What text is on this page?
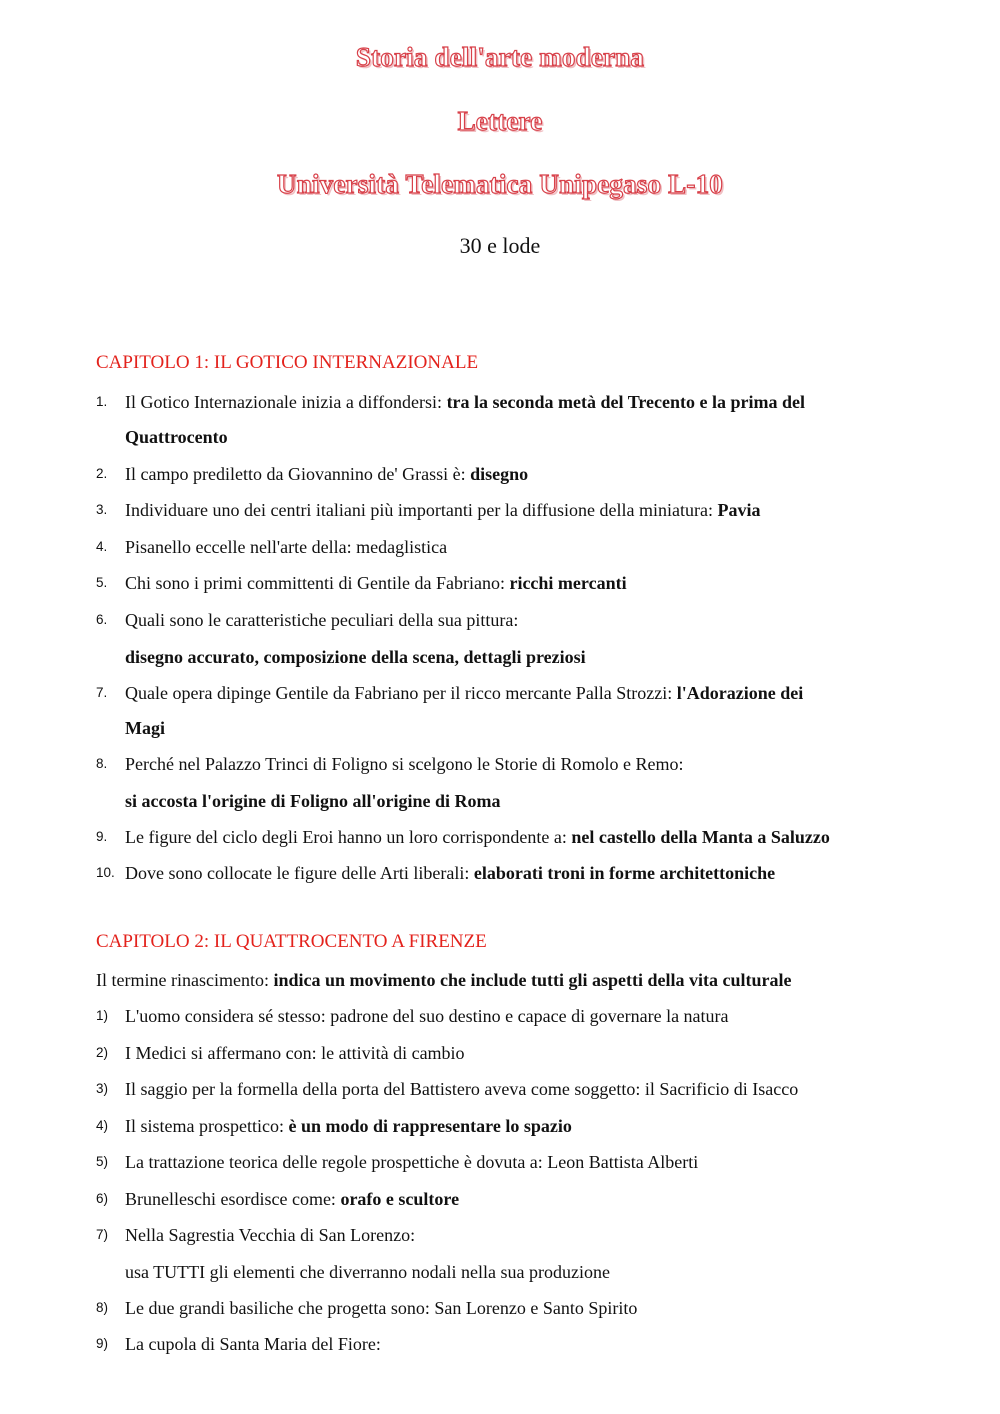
Storia dell'arte moderna
Lettere
Università Telematica Unipegaso L-10
30 e lode
CAPITOLO 1: IL GOTICO INTERNAZIONALE
1. Il Gotico Internazionale inizia a diffondersi: tra la seconda metà del Trecento e la prima del
Quattrocento
2. Il campo prediletto da Giovannino de' Grassi è: disegno
3. Individuare uno dei centri italiani più importanti per la diffusione della miniatura: Pavia
4. Pisanello eccelle nell'arte della: medaglistica
5. Chi sono i primi committenti di Gentile da Fabriano: ricchi mercanti
6. Quali sono le caratteristiche peculiari della sua pittura:
disegno accurato, composizione della scena, dettagli preziosi
7. Quale opera dipinge Gentile da Fabriano per il ricco mercante Palla Strozzi: l'Adorazione dei
Magi
8. Perché nel Palazzo Trinci di Foligno si scelgono le Storie di Romolo e Remo:
si accosta l'origine di Foligno all'origine di Roma
9. Le figure del ciclo degli Eroi hanno un loro corrispondente a: nel castello della Manta a Saluzzo
10. Dove sono collocate le figure delle Arti liberali: elaborati troni in forme architettoniche
CAPITOLO 2: IL QUATTROCENTO A FIRENZE
Il termine rinascimento: indica un movimento che include tutti gli aspetti della vita culturale
1) L'uomo considera sé stesso: padrone del suo destino e capace di governare la natura
2) I Medici si affermano con: le attività di cambio
3) Il saggio per la formella della porta del Battistero aveva come soggetto: il Sacrificio di Isacco
4) Il sistema prospettico: è un modo di rappresentare lo spazio
5) La trattazione teorica delle regole prospettiche è dovuta a: Leon Battista Alberti
6) Brunelleschi esordisce come: orafo e scultore
7) Nella Sagrestia Vecchia di San Lorenzo:
usa TUTTI gli elementi che diverranno nodali nella sua produzione
8) Le due grandi basiliche che progetta sono: San Lorenzo e Santo Spirito
9) La cupola di Santa Maria del Fiore:
